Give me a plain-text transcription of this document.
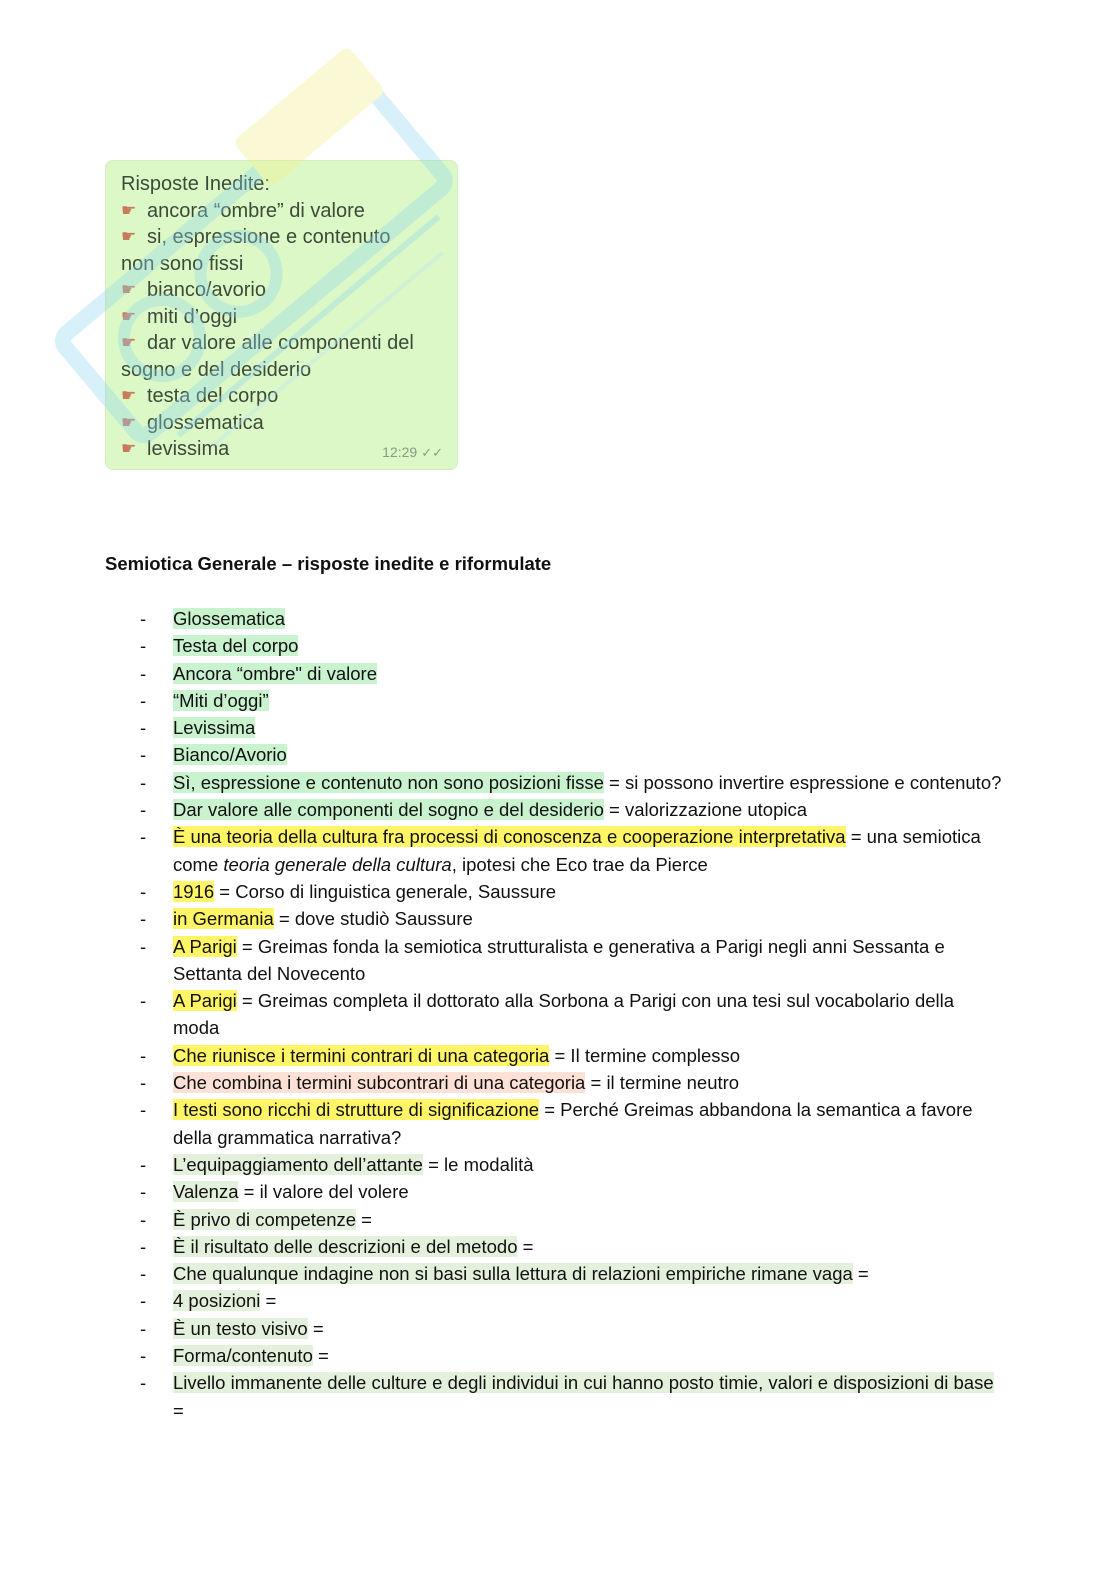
Risposte Inedite:
☛ ancora “ombre” di valore
☛ si, espressione e contenuto
non sono fissi
☛ bianco/avorio
☛ miti d’oggi
☛ dar valore alle componenti del
sogno e del desiderio
☛ testa del corpo
☛ glossematica
☛ levissima	12:29 ✓✓
Semiotica Generale – risposte inedite e riformulate
- Glossematica
- Testa del corpo
- Ancora “ombre" di valore
- “Miti d’oggi”
- Levissima
- Bianco/Avorio
- Sì, espressione e contenuto non sono posizioni fisse = si possono invertire espressione e contenuto?
- Dar valore alle componenti del sogno e del desiderio = valorizzazione utopica
- È una teoria della cultura fra processi di conoscenza e cooperazione interpretativa = una semiotica come teoria generale della cultura, ipotesi che Eco trae da Pierce
- 1916 = Corso di linguistica generale, Saussure
- in Germania = dove studiò Saussure
- A Parigi = Greimas fonda la semiotica strutturalista e generativa a Parigi negli anni Sessanta e Settanta del Novecento
- A Parigi = Greimas completa il dottorato alla Sorbona a Parigi con una tesi sul vocabolario della moda
- Che riunisce i termini contrari di una categoria = Il termine complesso
- Che combina i termini subcontrari di una categoria = il termine neutro
- I testi sono ricchi di strutture di significazione = Perché Greimas abbandona la semantica a favore della grammatica narrativa?
- L’equipaggiamento dell’attante = le modalità
- Valenza = il valore del volere
- È privo di competenze =
- È il risultato delle descrizioni e del metodo =
- Che qualunque indagine non si basi sulla lettura di relazioni empiriche rimane vaga =
- 4 posizioni =
- È un testo visivo =
- Forma/contenuto =
- Livello immanente delle culture e degli individui in cui hanno posto timie, valori e disposizioni di base =
